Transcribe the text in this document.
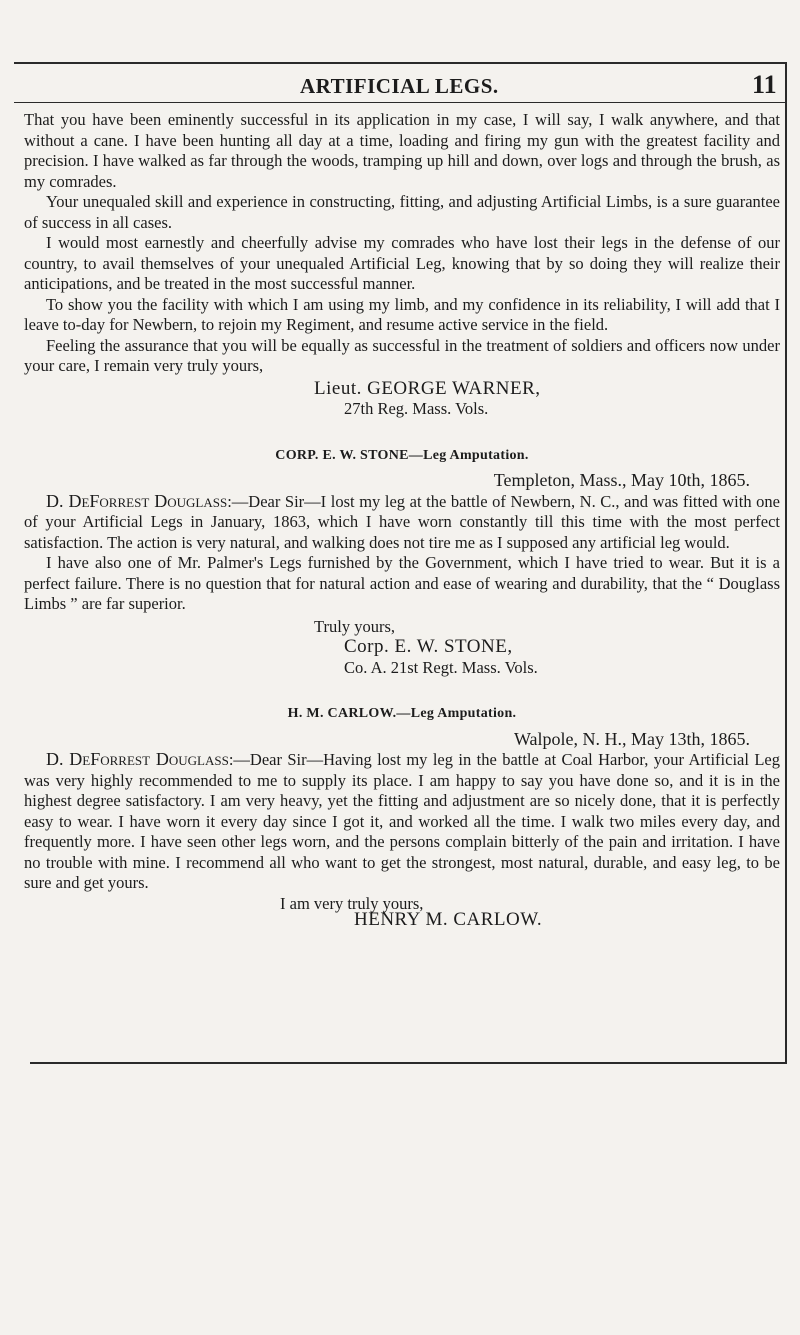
ARTIFICIAL LEGS.	11

That you have been eminently successful in its application in my case, I will say, I walk anywhere, and that without a cane. I have been hunting all day at a time, loading and firing my gun with the greatest facility and precision. I have walked as far through the woods, tramping up hill and down, over logs and through the brush, as my comrades.

Your unequaled skill and experience in constructing, fitting, and adjusting Artificial Limbs, is a sure guarantee of success in all cases.

I would most earnestly and cheerfully advise my comrades who have lost their legs in the defense of our country, to avail themselves of your unequaled Artificial Leg, knowing that by so doing they will realize their anticipations, and be treated in the most successful manner.

To show you the facility with which I am using my limb, and my confidence in its reliability, I will add that I leave to-day for Newbern, to rejoin my Regiment, and resume active service in the field.

Feeling the assurance that you will be equally as successful in the treatment of soldiers and officers now under your care, I remain very truly yours,

Lieut. GEORGE WARNER,
27th Reg. Mass. Vols.
CORP. E. W. STONE—Leg Amputation.
Templeton, Mass., May 10th, 1865.

D. DeForrest Douglass:—Dear Sir—I lost my leg at the battle of Newbern, N. C., and was fitted with one of your Artificial Legs in January, 1863, which I have worn constantly till this time with the most perfect satisfaction. The action is very natural, and walking does not tire me as I supposed any artificial leg would.

I have also one of Mr. Palmer's Legs furnished by the Government, which I have tried to wear. But it is a perfect failure. There is no question that for natural action and ease of wearing and durability, that the “ Douglass Limbs ” are far superior.

Truly yours,
Corp. E. W. STONE,
Co. A. 21st Regt. Mass. Vols.
H. M. CARLOW.—Leg Amputation.
Walpole, N. H., May 13th, 1865.

D. DeForrest Douglass:—Dear Sir—Having lost my leg in the battle at Coal Harbor, your Artificial Leg was very highly recommended to me to supply its place. I am happy to say you have done so, and it is in the highest degree satisfactory. I am very heavy, yet the fitting and adjustment are so nicely done, that it is perfectly easy to wear. I have worn it every day since I got it, and worked all the time. I walk two miles every day, and frequently more. I have seen other legs worn, and the persons complain bitterly of the pain and irritation. I have no trouble with mine. I recommend all who want to get the strongest, most natural, durable, and easy leg, to be sure and get yours.

I am very truly yours,
HENRY M. CARLOW.
